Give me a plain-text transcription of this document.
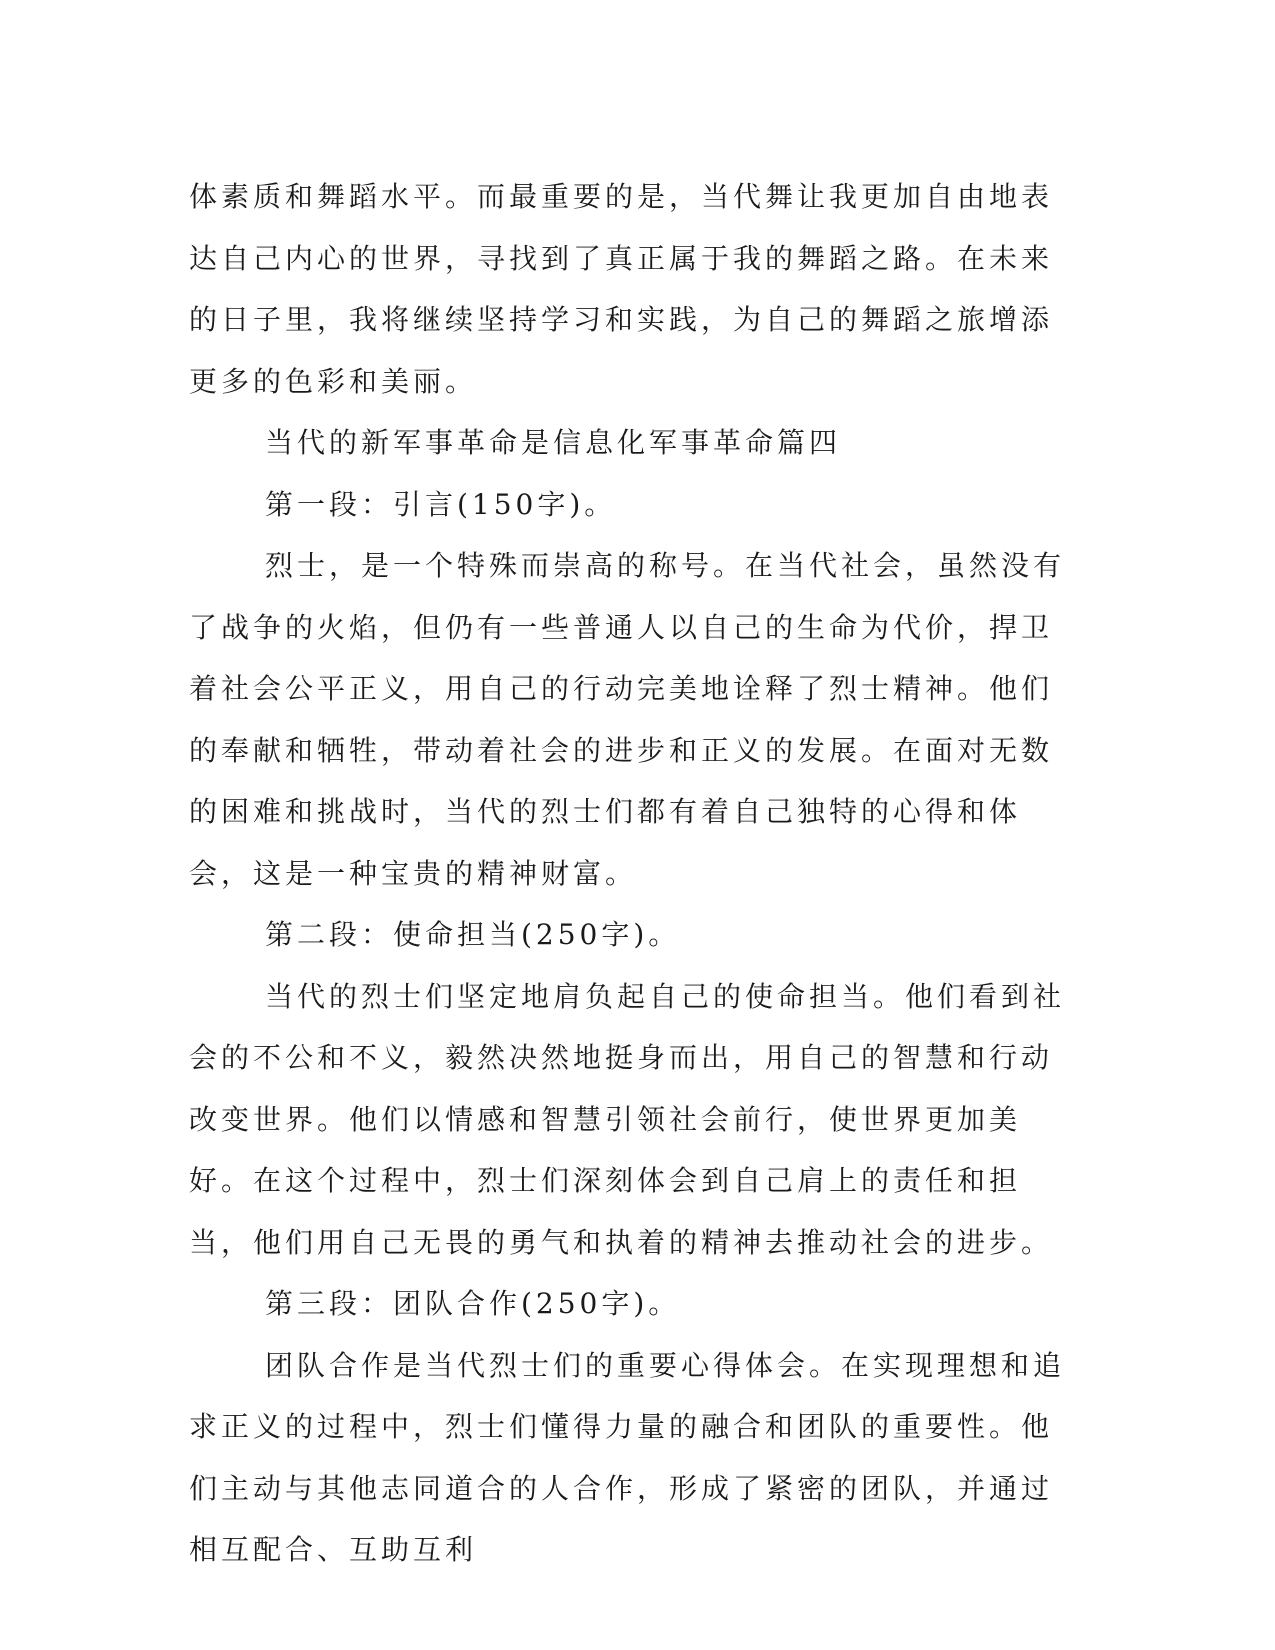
体素质和舞蹈水平。而最重要的是，当代舞让我更加自由地表达自己内心的世界，寻找到了真正属于我的舞蹈之路。在未来的日子里，我将继续坚持学习和实践，为自己的舞蹈之旅增添更多的色彩和美丽。

当代的新军事革命是信息化军事革命篇四

第一段：引言(150字)。

烈士，是一个特殊而崇高的称号。在当代社会，虽然没有了战争的火焰，但仍有一些普通人以自己的生命为代价，捍卫着社会公平正义，用自己的行动完美地诠释了烈士精神。他们的奉献和牺牲，带动着社会的进步和正义的发展。在面对无数的困难和挑战时，当代的烈士们都有着自己独特的心得和体会，这是一种宝贵的精神财富。

第二段：使命担当(250字)。

当代的烈士们坚定地肩负起自己的使命担当。他们看到社会的不公和不义，毅然决然地挺身而出，用自己的智慧和行动改变世界。他们以情感和智慧引领社会前行，使世界更加美好。在这个过程中，烈士们深刻体会到自己肩上的责任和担当，他们用自己无畏的勇气和执着的精神去推动社会的进步。

第三段：团队合作(250字)。

团队合作是当代烈士们的重要心得体会。在实现理想和追求正义的过程中，烈士们懂得力量的融合和团队的重要性。他们主动与其他志同道合的人合作，形成了紧密的团队，并通过相互配合、互助互利
